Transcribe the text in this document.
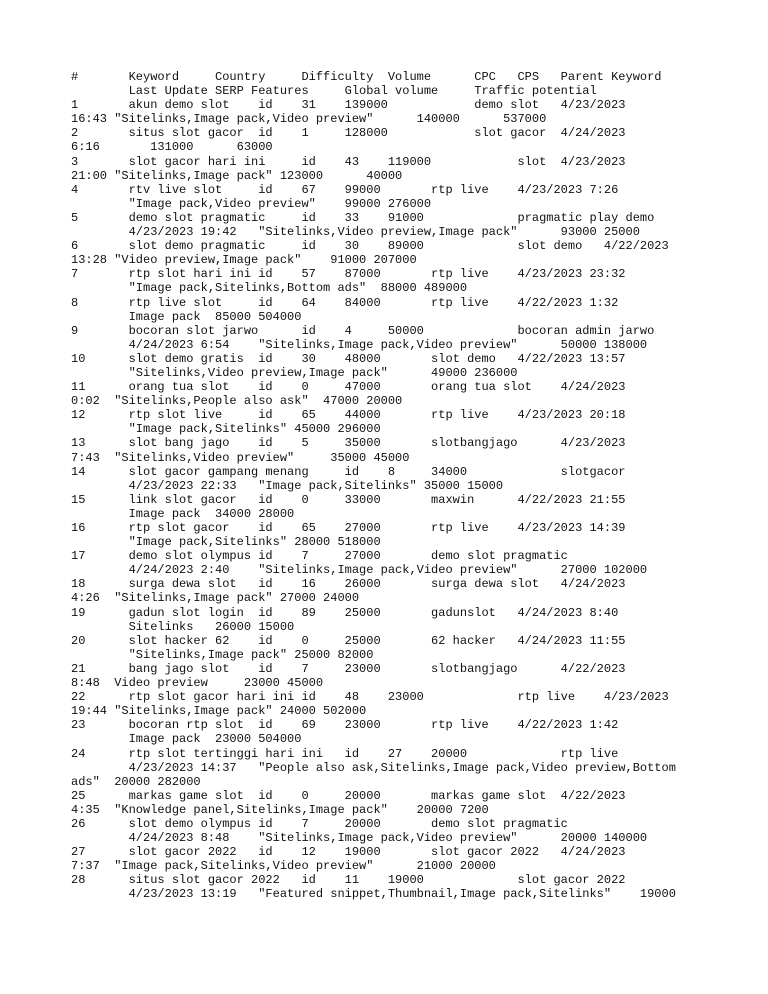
#       Keyword     Country     Difficulty  Volume      CPC   CPS   Parent Keyword
Last Update SERP Features     Global volume     Traffic potential
1       akun demo slot    id    31    139000            demo slot   4/23/2023
16:43 "Sitelinks,Image pack,Video preview"      140000      537000
2       situs slot gacor  id    1     128000            slot gacor  4/24/2023
6:16       131000      63000
3       slot gacor hari ini     id    43    119000            slot  4/23/2023
21:00 "Sitelinks,Image pack" 123000      40000
4       rtv live slot     id    67    99000       rtp live    4/23/2023 7:26
"Image pack,Video preview"    99000 276000
5       demo slot pragmatic     id    33    91000             pragmatic play demo
4/23/2023 19:42   "Sitelinks,Video preview,Image pack"      93000 25000
6       slot demo pragmatic     id    30    89000             slot demo   4/22/2023
13:28 "Video preview,Image pack"    91000 207000
7       rtp slot hari ini id    57    87000       rtp live    4/23/2023 23:32
"Image pack,Sitelinks,Bottom ads"  88000 489000
8       rtp live slot     id    64    84000       rtp live    4/22/2023 1:32
Image pack  85000 504000
9       bocoran slot jarwo      id    4     50000             bocoran admin jarwo
4/24/2023 6:54    "Sitelinks,Image pack,Video preview"      50000 138000
10      slot demo gratis  id    30    48000       slot demo   4/22/2023 13:57
"Sitelinks,Video preview,Image pack"      49000 236000
11      orang tua slot    id    0     47000       orang tua slot    4/24/2023
0:02  "Sitelinks,People also ask"  47000 20000
12      rtp slot live     id    65    44000       rtp live    4/23/2023 20:18
"Image pack,Sitelinks" 45000 296000
13      slot bang jago    id    5     35000       slotbangjago      4/23/2023
7:43  "Sitelinks,Video preview"     35000 45000
14      slot gacor gampang menang     id    8     34000             slotgacor
4/23/2023 22:33   "Image pack,Sitelinks" 35000 15000
15      link slot gacor   id    0     33000       maxwin      4/22/2023 21:55
Image pack  34000 28000
16      rtp slot gacor    id    65    27000       rtp live    4/23/2023 14:39
"Image pack,Sitelinks" 28000 518000
17      demo slot olympus id    7     27000       demo slot pragmatic
4/24/2023 2:40    "Sitelinks,Image pack,Video preview"      27000 102000
18      surga dewa slot   id    16    26000       surga dewa slot   4/24/2023
4:26  "Sitelinks,Image pack" 27000 24000
19      gadun slot login  id    89    25000       gadunslot   4/24/2023 8:40
Sitelinks   26000 15000
20      slot hacker 62    id    0     25000       62 hacker   4/24/2023 11:55
"Sitelinks,Image pack" 25000 82000
21      bang jago slot    id    7     23000       slotbangjago      4/22/2023
8:48  Video preview     23000 45000
22      rtp slot gacor hari ini id    48    23000             rtp live    4/23/2023
19:44 "Sitelinks,Image pack" 24000 502000
23      bocoran rtp slot  id    69    23000       rtp live    4/22/2023 1:42
Image pack  23000 504000
24      rtp slot tertinggi hari ini   id    27    20000             rtp live
4/23/2023 14:37   "People also ask,Sitelinks,Image pack,Video preview,Bottom
ads"  20000 282000
25      markas game slot  id    0     20000       markas game slot  4/22/2023
4:35  "Knowledge panel,Sitelinks,Image pack"    20000 7200
26      slot demo olympus id    7     20000       demo slot pragmatic
4/24/2023 8:48    "Sitelinks,Image pack,Video preview"      20000 140000
27      slot gacor 2022   id    12    19000       slot gacor 2022   4/24/2023
7:37  "Image pack,Sitelinks,Video preview"      21000 20000
28      situs slot gacor 2022   id    11    19000             slot gacor 2022
4/23/2023 13:19   "Featured snippet,Thumbnail,Image pack,Sitelinks"    19000
